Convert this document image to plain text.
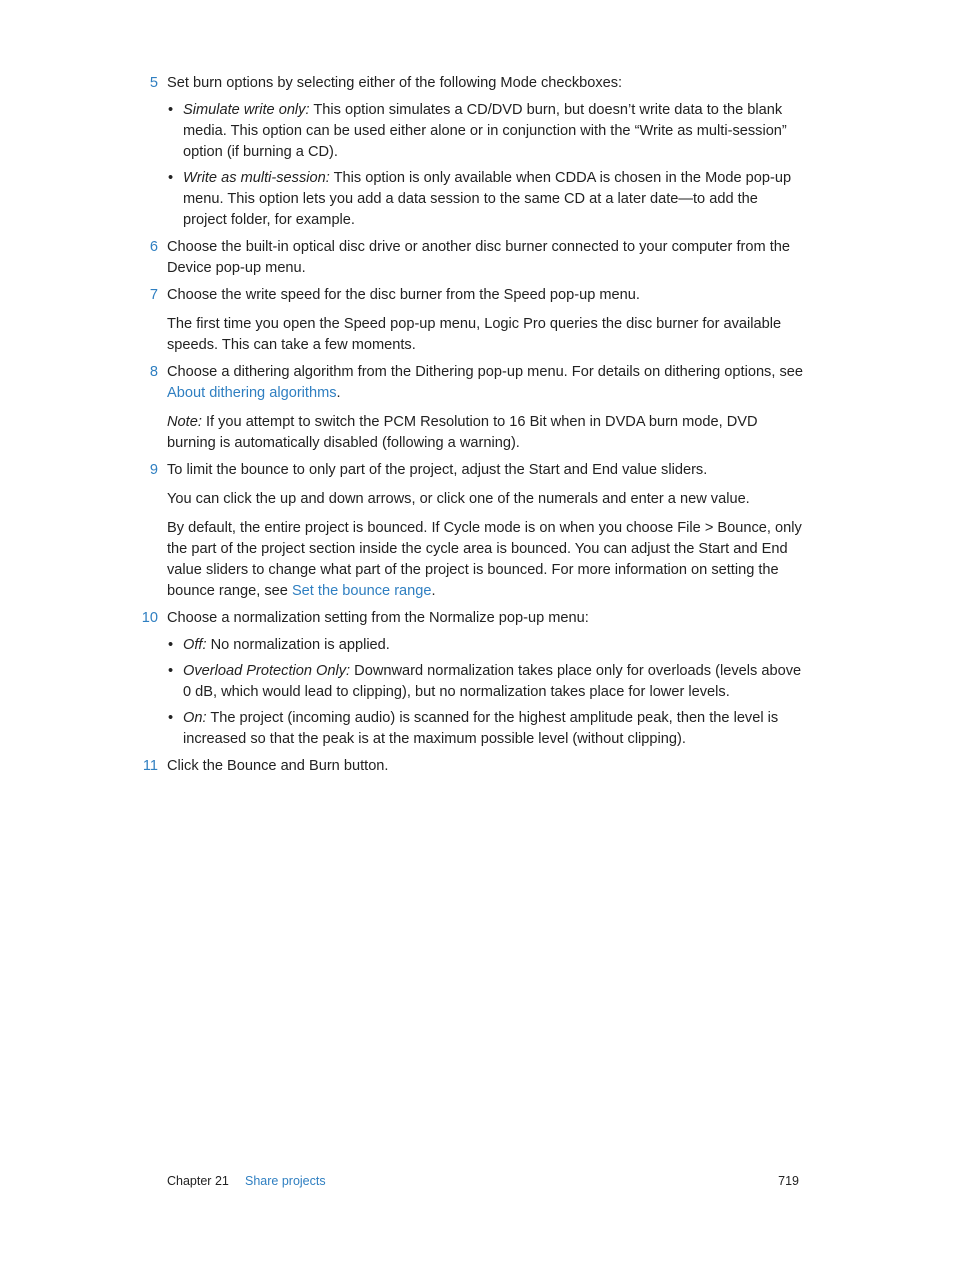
5 Set burn options by selecting either of the following Mode checkboxes:

• Simulate write only: This option simulates a CD/DVD burn, but doesn’t write data to the blank media. This option can be used either alone or in conjunction with the “Write as multi-session” option (if burning a CD).
• Write as multi-session: This option is only available when CDDA is chosen in the Mode pop-up menu. This option lets you add a data session to the same CD at a later date—to add the project folder, for example.
6 Choose the built-in optical disc drive or another disc burner connected to your computer from the Device pop-up menu.

7 Choose the write speed for the disc burner from the Speed pop-up menu.

The first time you open the Speed pop-up menu, Logic Pro queries the disc burner for available speeds. This can take a few moments.

8 Choose a dithering algorithm from the Dithering pop-up menu. For details on dithering options, see About dithering algorithms.

Note: If you attempt to switch the PCM Resolution to 16 Bit when in DVDA burn mode, DVD burning is automatically disabled (following a warning).

9 To limit the bounce to only part of the project, adjust the Start and End value sliders.

You can click the up and down arrows, or click one of the numerals and enter a new value.

By default, the entire project is bounced. If Cycle mode is on when you choose File > Bounce, only the part of the project section inside the cycle area is bounced. You can adjust the Start and End value sliders to change what part of the project is bounced. For more information on setting the bounce range, see Set the bounce range.

10 Choose a normalization setting from the Normalize pop-up menu:

• Off: No normalization is applied.
• Overload Protection Only: Downward normalization takes place only for overloads (levels above 0 dB, which would lead to clipping), but no normalization takes place for lower levels.
• On: The project (incoming audio) is scanned for the highest amplitude peak, then the level is increased so that the peak is at the maximum possible level (without clipping).
11 Click the Bounce and Burn button.

Chapter 21 Share projects	719
